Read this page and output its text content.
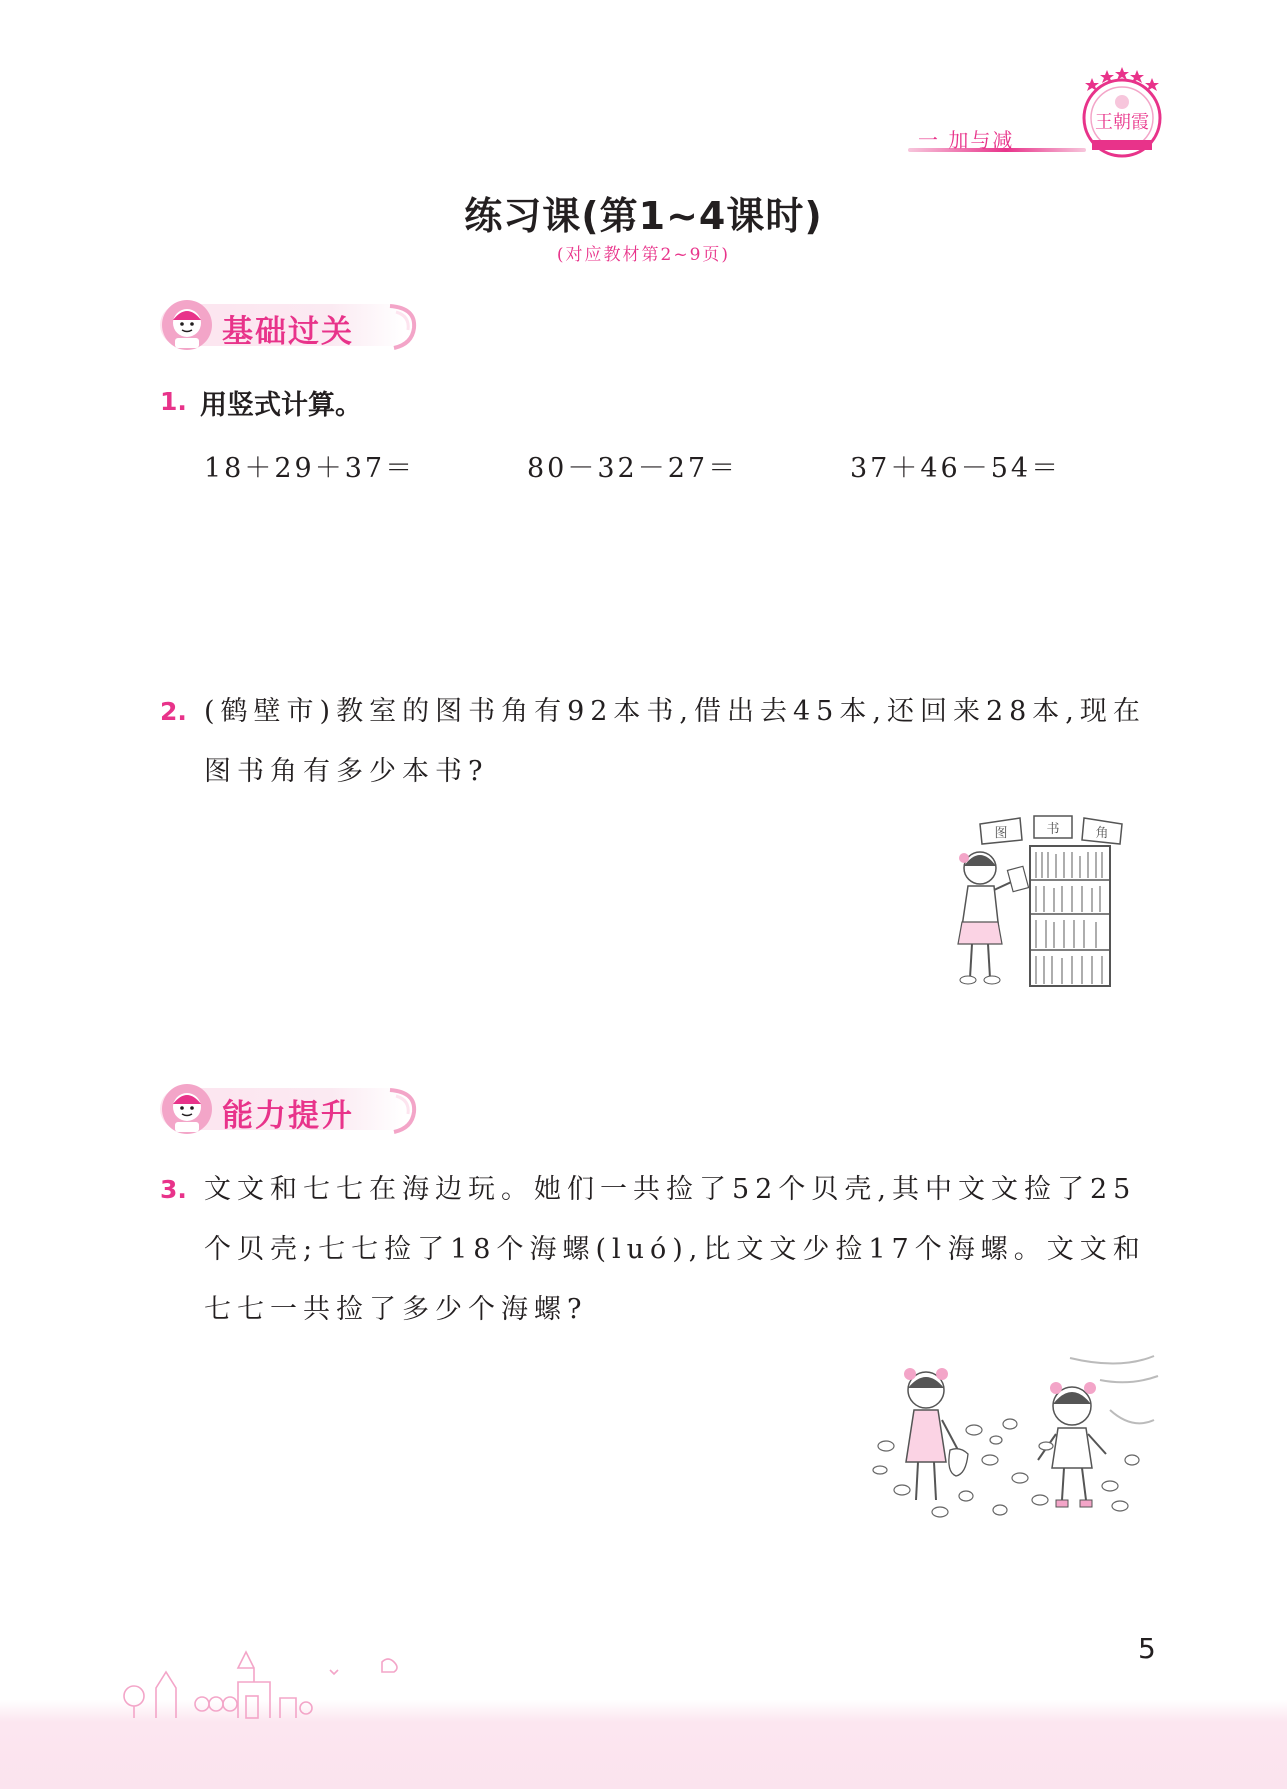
一 加与减
王朝霞
练习课(第1~4课时)
(对应教材第2~9页)
基础过关
1. 用竖式计算。
18＋29＋37＝	80－32－27＝	37＋46－54＝
2. (鹤壁市)教室的图书角有92本书,借出去45本,还回来28本,现在
图书角有多少本书?
图	书	角
能力提升
3. 文文和七七在海边玩。她们一共捡了52个贝壳,其中文文捡了25
个贝壳;七七捡了18个海螺(luó),比文文少捡17个海螺。文文和
七七一共捡了多少个海螺?
5
